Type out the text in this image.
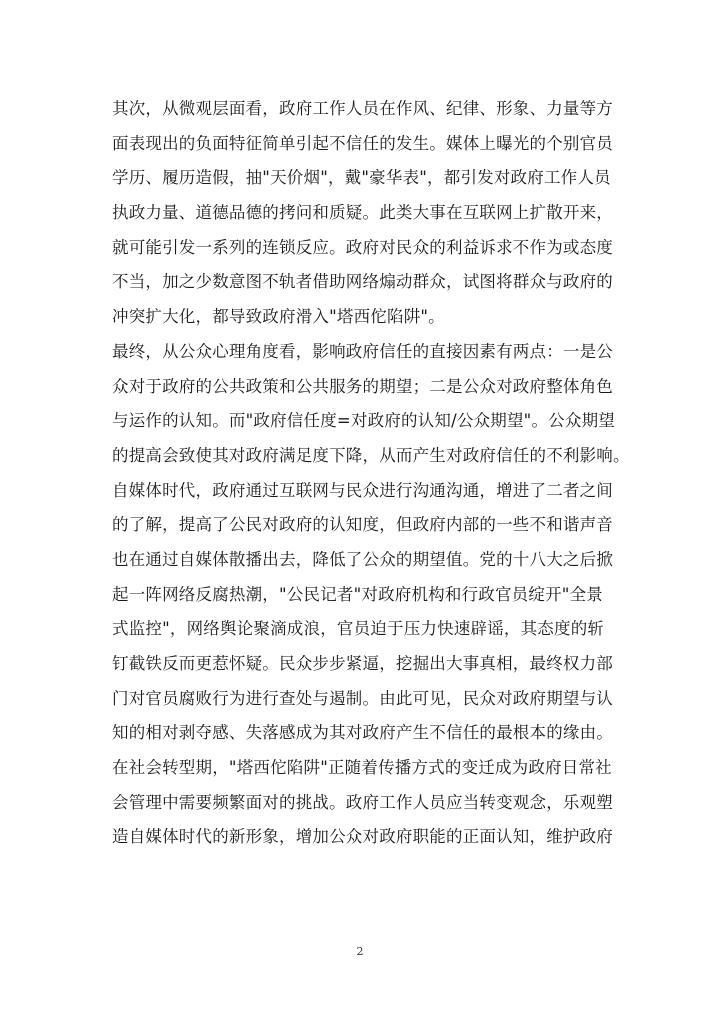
其次，从微观层面看，政府工作人员在作风、纪律、形象、力量等方
面表现出的负面特征简单引起不信任的发生。媒体上曝光的个别官员
学历、履历造假，抽"天价烟"，戴"豪华表"，都引发对政府工作人员
执政力量、道德品德的拷问和质疑。此类大事在互联网上扩散开来，
就可能引发一系列的连锁反应。政府对民众的利益诉求不作为或态度
不当，加之少数意图不轨者借助网络煽动群众，试图将群众与政府的
冲突扩大化，都导致政府滑入"塔西佗陷阱"。
最终，从公众心理角度看，影响政府信任的直接因素有两点：一是公
众对于政府的公共政策和公共服务的期望；二是公众对政府整体角色
与运作的认知。而"政府信任度=对政府的认知/公众期望"。公众期望
的提高会致使其对政府满足度下降，从而产生对政府信任的不利影响。
自媒体时代，政府通过互联网与民众进行沟通沟通，增进了二者之间
的了解，提高了公民对政府的认知度，但政府内部的一些不和谐声音
也在通过自媒体散播出去，降低了公众的期望值。党的十八大之后掀
起一阵网络反腐热潮，"公民记者"对政府机构和行政官员绽开"全景
式监控"，网络舆论聚滴成浪，官员迫于压力快速辟谣，其态度的斩
钉截铁反而更惹怀疑。民众步步紧逼，挖掘出大事真相，最终权力部
门对官员腐败行为进行查处与遏制。由此可见，民众对政府期望与认
知的相对剥夺感、失落感成为其对政府产生不信任的最根本的缘由。
在社会转型期，"塔西佗陷阱"正随着传播方式的变迁成为政府日常社
会管理中需要频繁面对的挑战。政府工作人员应当转变观念，乐观塑
造自媒体时代的新形象，增加公众对政府职能的正面认知，维护政府
2
